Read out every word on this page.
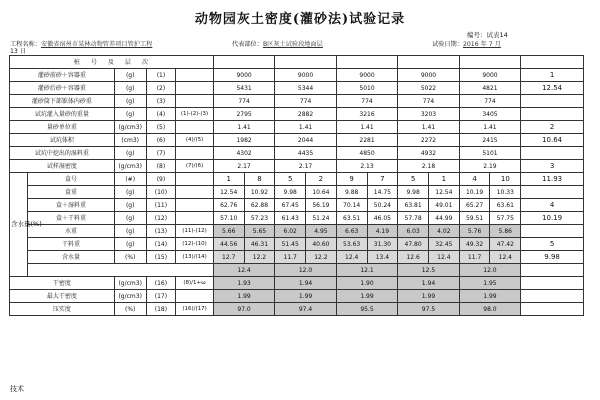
动物园灰土密度(灌砂法)试验记录
编号：试表14
工程名称：安徽省宿州市某林动物管养项目管护工程	代表部位：B区灰土试验段地面层	试验日期：2016 年 7 月
13 日
桩 号 及 层 次															
灌砂前砂＋容器重		(g)	(1)		9000		9000		9000		9000		9000		1
灌砂后砂＋容器重		(g)	(2)		5431		5344		5010		5022		4821		12.54
灌砂筒下部锥体内砂重		(g)	(3)		774		774		774		774		774		
试坑灌入量砂的重量		(g)	(4)	(1)-(2)-(3)	2795		2882		3216		3203		3405		
量砂单位重		(g/cm3)	(5)		1.41		1.41		1.41		1.41		1.41		2
试坑体积		(cm3)	(6)	(4)/(5)	1982		2044		2281		2272		2415		10.64
试坑中挖出的湿料重		(g)	(7)		4302		4435		4850		4932		5101		
试样湿密度		(g/cm3)	(8)	(7)/(6)	2.17		2.17		2.13		2.18		2.19		3
含水量(%)	盒号	(#)	(9)		1	8	5	2	9	7	5	1	4	10	11.93
	盒重	(g)	(10)		12.54	10.92	9.98	10.64	9.88	14.75	9.98	12.54	10.19	10.33	
	盒＋湿料重	(g)	(11)		62.76	62.88	67.45	56.19	70.14	50.24	63.81	49.01	65.27	63.61	4
	盒＋干料重	(g)	(12)		57.10	57.23	61.43	51.24	63.51	46.05	57.78	44.99	59.51	57.75	10.19
	水重	(g)	(13)	(11)-(12)	5.66	5.65	6.02	4.95	6.63	4.19	6.03	4.02	5.76	5.86	
	干料重	(g)	(14)	(12)-(10)	44.56	46.31	51.45	40.60	53.63	31.30	47.80	32.45	49.32	47.42	5
	含水量	(%)	(15)	(13)/(14)	12.7	12.2	11.7	12.2	12.4	13.4	12.6	12.4	11.7	12.4	9.98
					12.4		12.0		12.1		12.5		12.0		
干密度		(g/cm3)	(16)	(8)/1+ω	1.93		1.94		1.90		1.94		1.95		
最大干密度		(g/cm3)	(17)		1.99		1.99		1.99		1.99		1.99		
压实度		(%)	(18)	(16)/(17)	97.0		97.4		95.5		97.5		98.0		
技术
